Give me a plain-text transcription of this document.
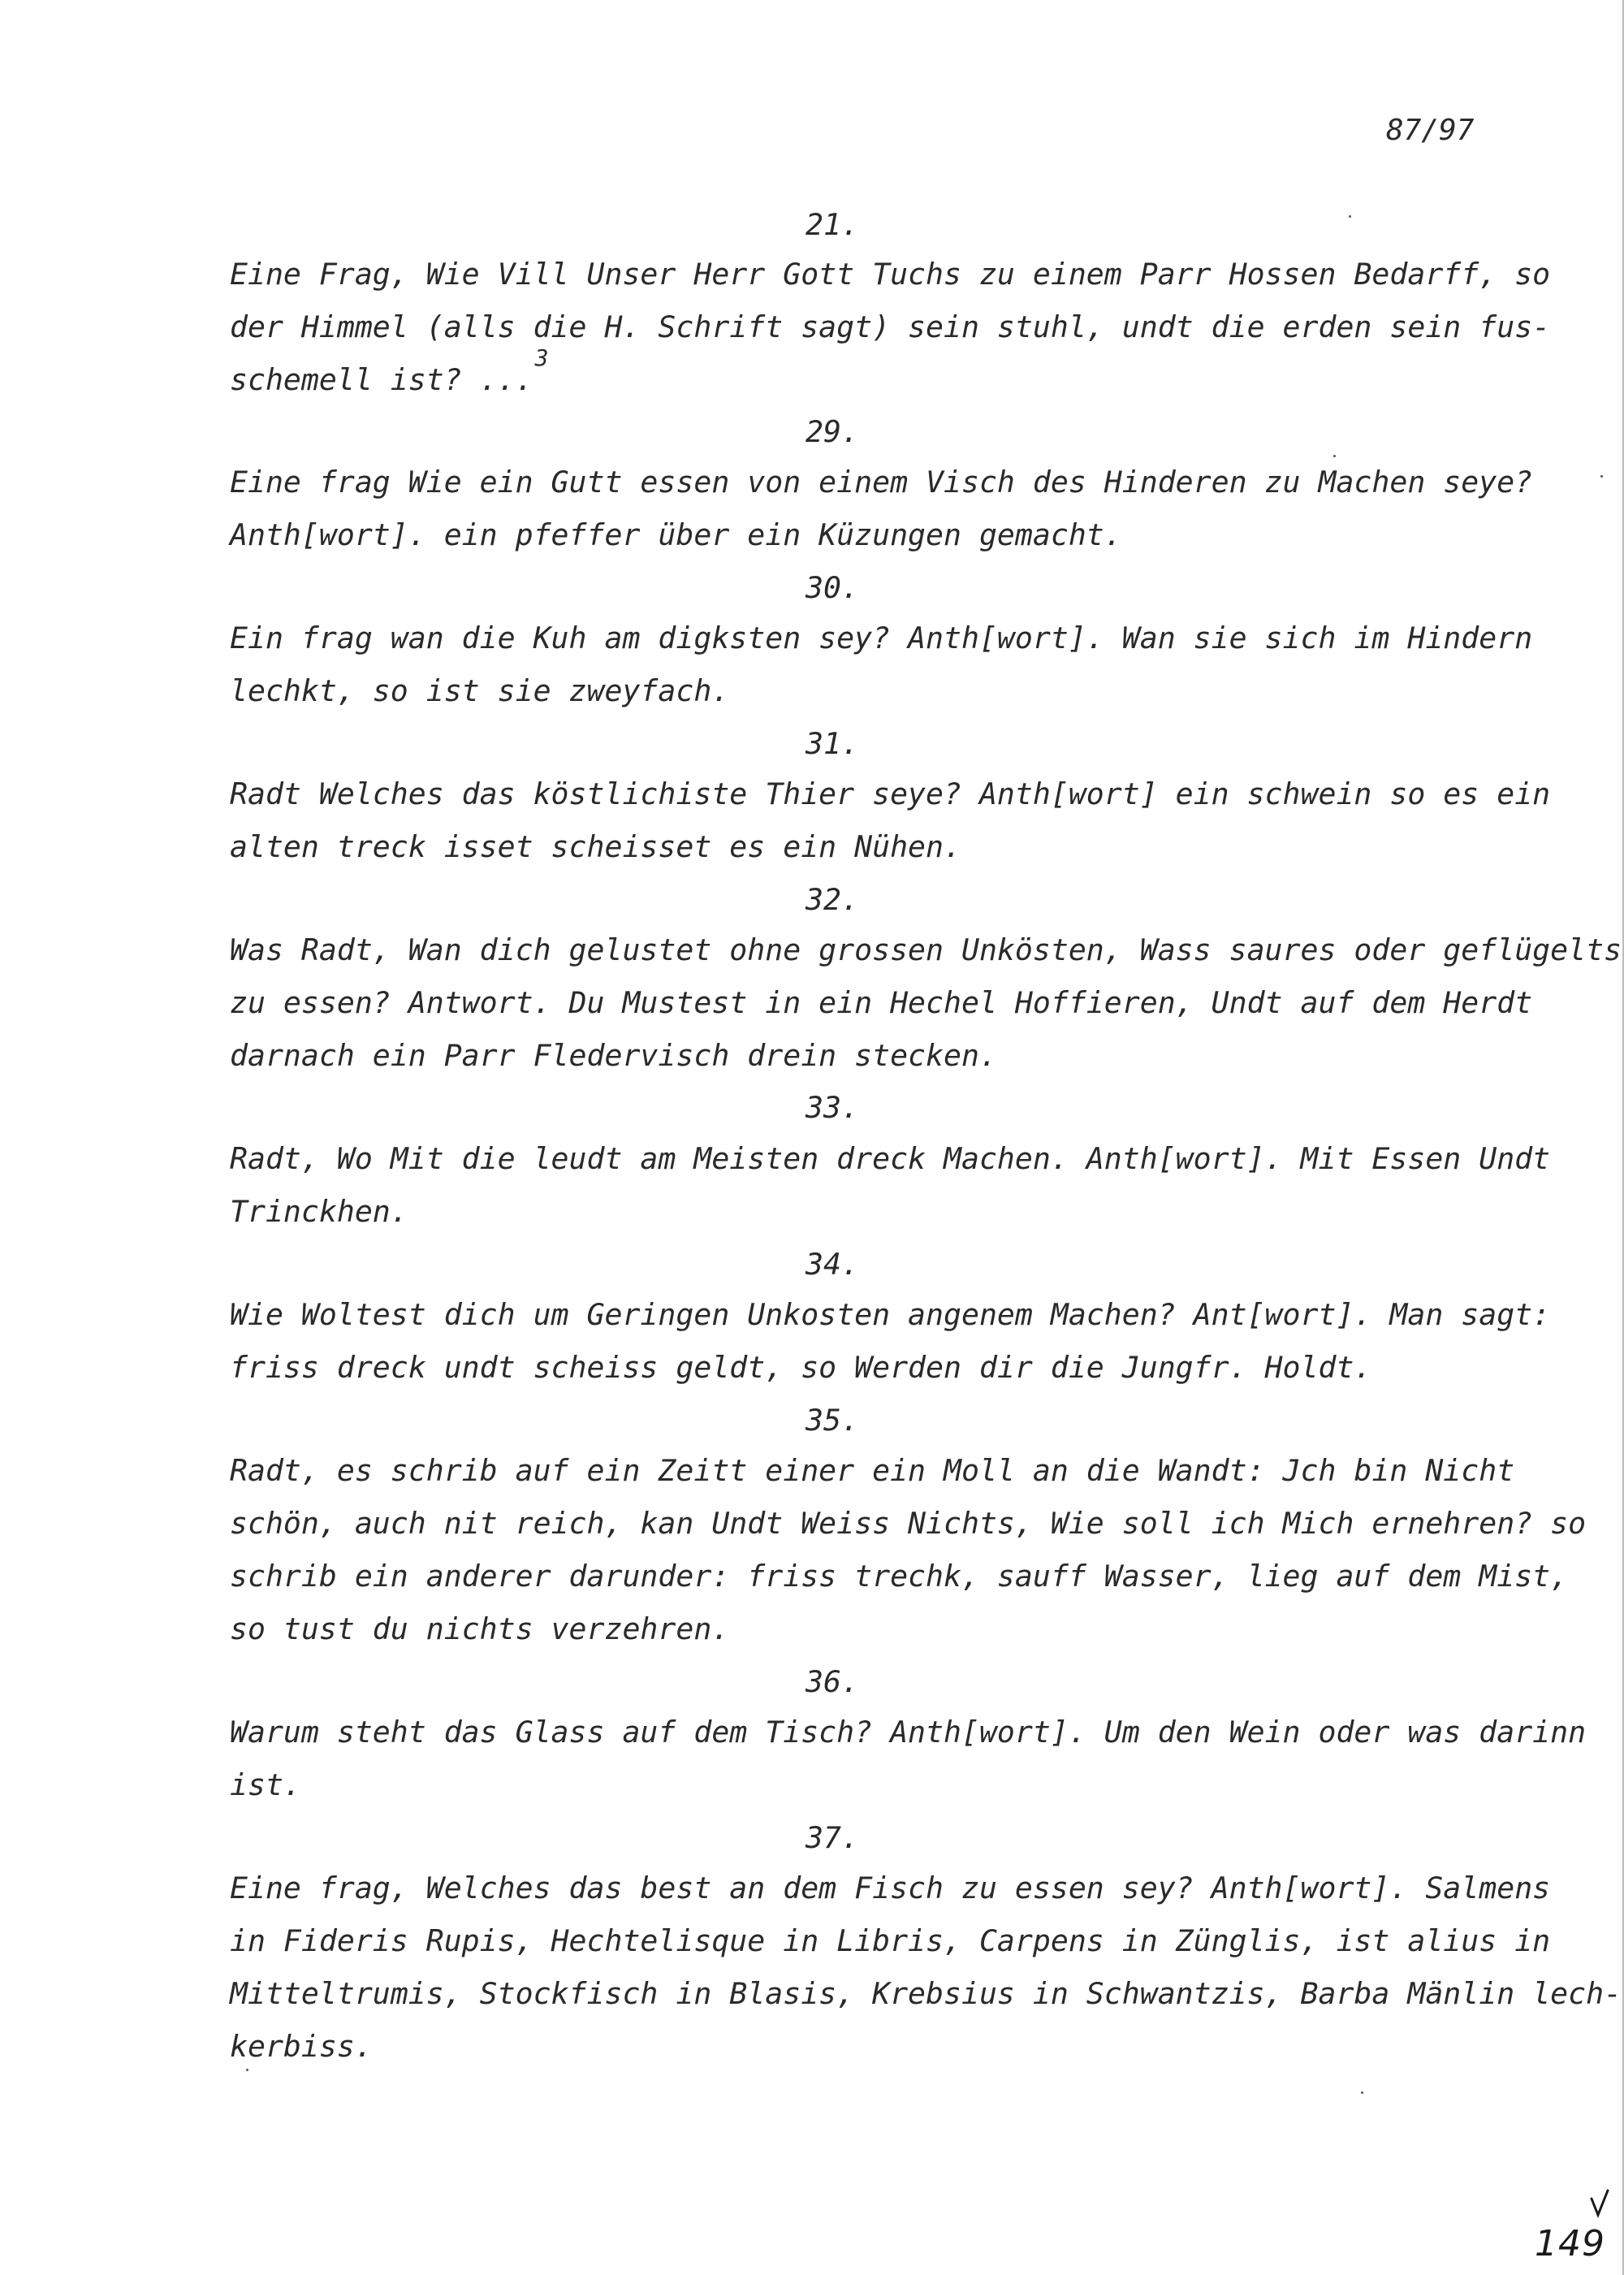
87/97
21.
Eine Frag, Wie Vill Unser Herr Gott Tuchs zu einem Parr Hossen Bedarff, so
der Himmel (alls die H. Schrift sagt) sein stuhl, undt die erden sein fus-
schemell ist? ...$^3$
29.
Eine frag Wie ein Gutt essen von einem Visch des Hinderen zu Machen seye?
Anth[wort]. ein pfeffer über ein Küzungen gemacht.
30.
Ein frag wan die Kuh am digksten sey? Anth[wort]. Wan sie sich im Hindern
lechkt, so ist sie zweyfach.
31.
Radt Welches das köstlichiste Thier seye? Anth[wort] ein schwein so es ein
alten treck isset scheisset es ein Nühen.
32.
Was Radt, Wan dich gelustet ohne grossen Unkösten, Wass saures oder geflügelts
zu essen? Antwort. Du Mustest in ein Hechel Hoffieren, Undt auf dem Herdt
darnach ein Parr Fledervisch drein stecken.
33.
Radt, Wo Mit die leudt am Meisten dreck Machen. Anth[wort]. Mit Essen Undt
Trinckhen.
34.
Wie Woltest dich um Geringen Unkosten angenem Machen? Ant[wort]. Man sagt:
friss dreck undt scheiss geldt, so Werden dir die Jungfr. Holdt.
35.
Radt, es schrib auf ein Zeitt einer ein Moll an die Wandt: Jch bin Nicht
schön, auch nit reich, kan Undt Weiss Nichts, Wie soll ich Mich ernehren? so
schrib ein anderer darunder: friss trechk, sauff Wasser, lieg auf dem Mist,
so tust du nichts verzehren.
36.
Warum steht das Glass auf dem Tisch? Anth[wort]. Um den Wein oder was darinn
ist.
37.
Eine frag, Welches das best an dem Fisch zu essen sey? Anth[wort]. Salmens
in Fideris Rupis, Hechtelisque in Libris, Carpens in Zünglis, ist alius in
Mitteltrumis, Stockfisch in Blasis, Krebsius in Schwantzis, Barba Mänlin lech-
kerbiss.
149
